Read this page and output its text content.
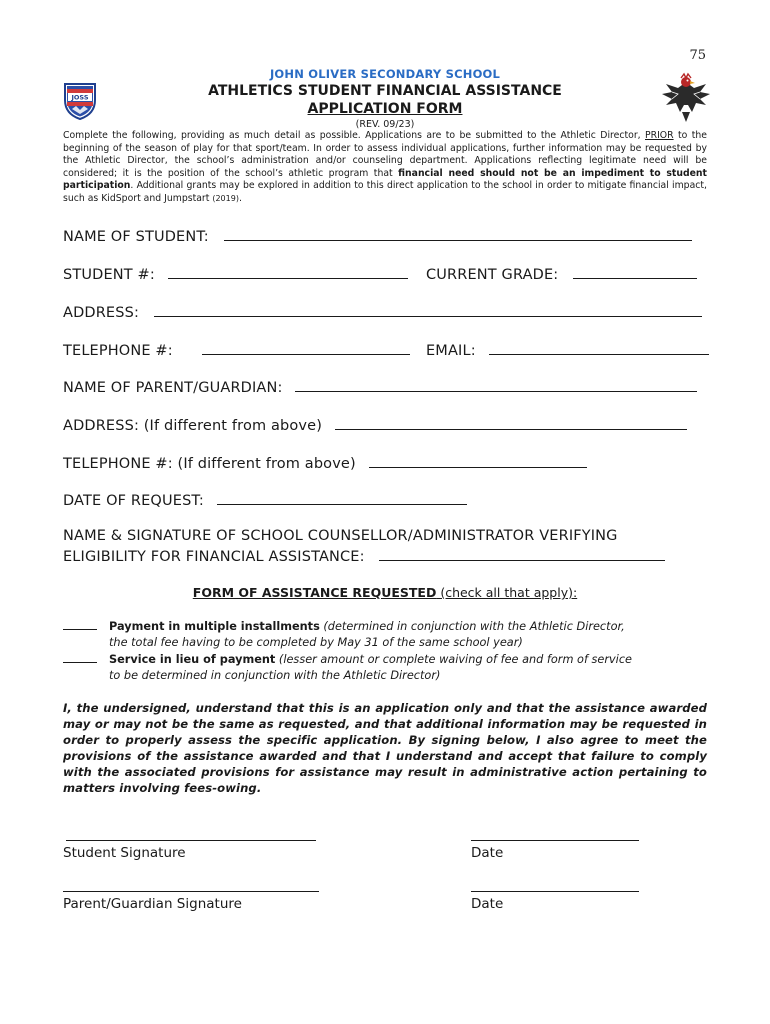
75
JOSS
JOHN OLIVER SECONDARY SCHOOL
ATHLETICS STUDENT FINANCIAL ASSISTANCE
APPLICATION FORM
(REV. 09/23)
Complete the following, providing as much detail as possible. Applications are to be submitted to the Athletic Director, PRIOR to the beginning of the season of play for that sport/team. In order to assess individual applications, further information may be requested by the Athletic Director, the school’s administration and/or counseling department. Applications reflecting legitimate need will be considered; it is the position of the school’s athletic program that financial need should not be an impediment to student participation. Additional grants may be explored in addition to this direct application to the school in order to mitigate financial impact, such as KidSport and Jumpstart (2019).
NAME OF STUDENT:
STUDENT #:	CURRENT GRADE:
ADDRESS:
TELEPHONE #:	EMAIL:
NAME OF PARENT/GUARDIAN:
ADDRESS: (If different from above)
TELEPHONE #: (If different from above)
DATE OF REQUEST:
NAME & SIGNATURE OF SCHOOL COUNSELLOR/ADMINISTRATOR VERIFYING
ELIGIBILITY FOR FINANCIAL ASSISTANCE:
FORM OF ASSISTANCE REQUESTED (check all that apply):
Payment in multiple installments (determined in conjunction with the Athletic Director,
the total fee having to be completed by May 31 of the same school year)
Service in lieu of payment (lesser amount or complete waiving of fee and form of service
to be determined in conjunction with the Athletic Director)
I, the undersigned, understand that this is an application only and that the assistance awarded may or may not be the same as requested, and that additional information may be requested in order to properly assess the specific application. By signing below, I also agree to meet the provisions of the assistance awarded and that I understand and accept that failure to comply with the associated provisions for assistance may result in administrative action pertaining to matters involving fees-owing.
Student Signature	Date
Parent/Guardian Signature	Date
